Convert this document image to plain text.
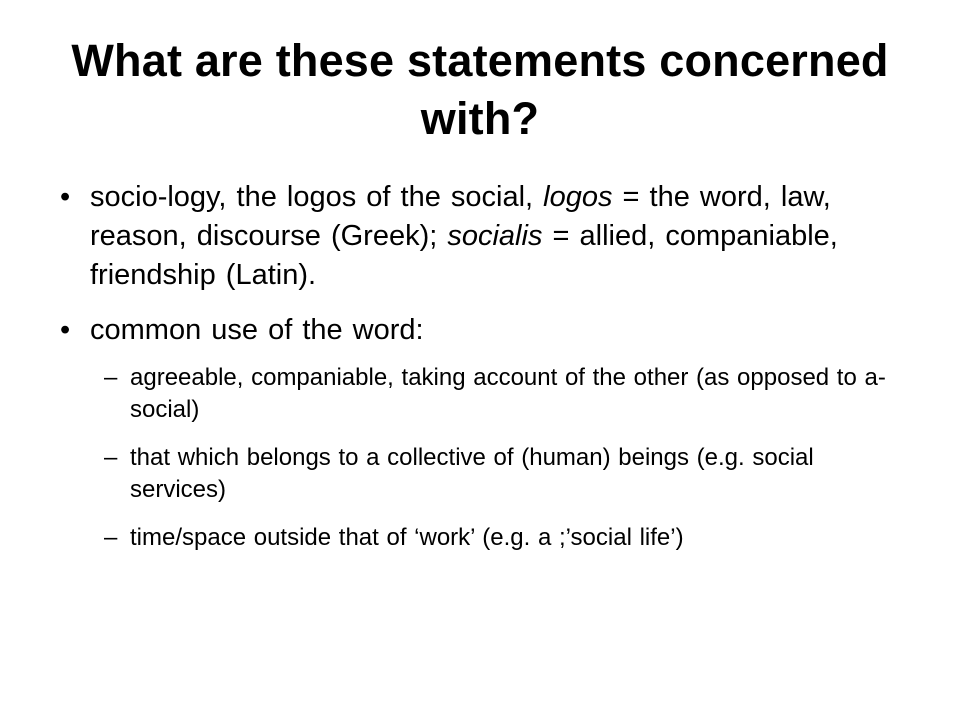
What are these statements concerned with?
• socio-logy, the logos of the social, logos = the word, law, reason, discourse (Greek); socialis = allied, companiable, friendship (Latin).
• common use of the word:
– agreeable, companiable, taking account of the other (as opposed to a-social)
– that which belongs to a collective of (human) beings (e.g. social services)
– time/space outside that of ‘work’ (e.g. a ;’social life’)
